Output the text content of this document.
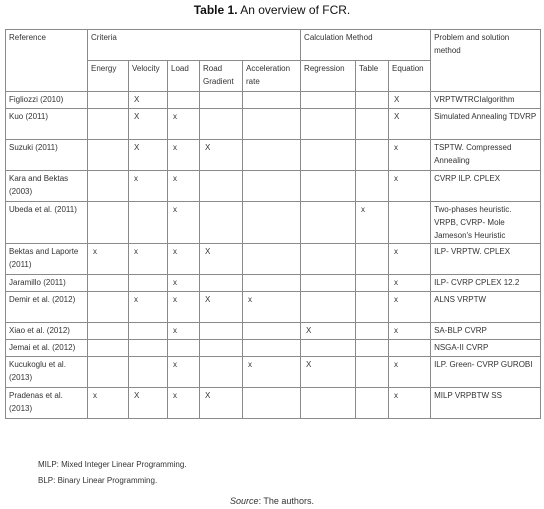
Table 1. An overview of FCR.
Reference	Criteria					Calculation Method			Problem and solution method
	Energy	Velocity	Load	Road Gradient	Acceleration rate	Regression	Table	Equation	
Figliozzi (2010)		X						X	VRPTWTRCIalgorithm
Kuo (2011)		X	x					X	Simulated Annealing TDVRP
Suzuki (2011)		X	x	X				x	TSPTW. Compressed Annealing
Kara and Bektas (2003)		x	x					x	CVRP ILP. CPLEX
Ubeda et al. (2011)			x				x		Two-phases heuristic. VRPB, CVRP- Mole Jameson's Heuristic
Bektas and Laporte (2011)	x	x	x	X				x	ILP- VRPTW. CPLEX
Jaramillo (2011)			x					x	ILP- CVRP CPLEX 12.2
Demir et al. (2012)		x	x	X	x			x	ALNS VRPTW
Xiao et al. (2012)			x			X		x	SA-BLP CVRP
Jemai et al. (2012)									NSGA-II CVRP
Kucukoglu et al. (2013)			x		x	X		x	ILP. Green- CVRP GUROBI
Pradenas et al. (2013)	x	X	x	X				x	MILP VRPBTW SS
MILP: Mixed Integer Linear Programming.
BLP: Binary Linear Programming.
Source: The authors.
